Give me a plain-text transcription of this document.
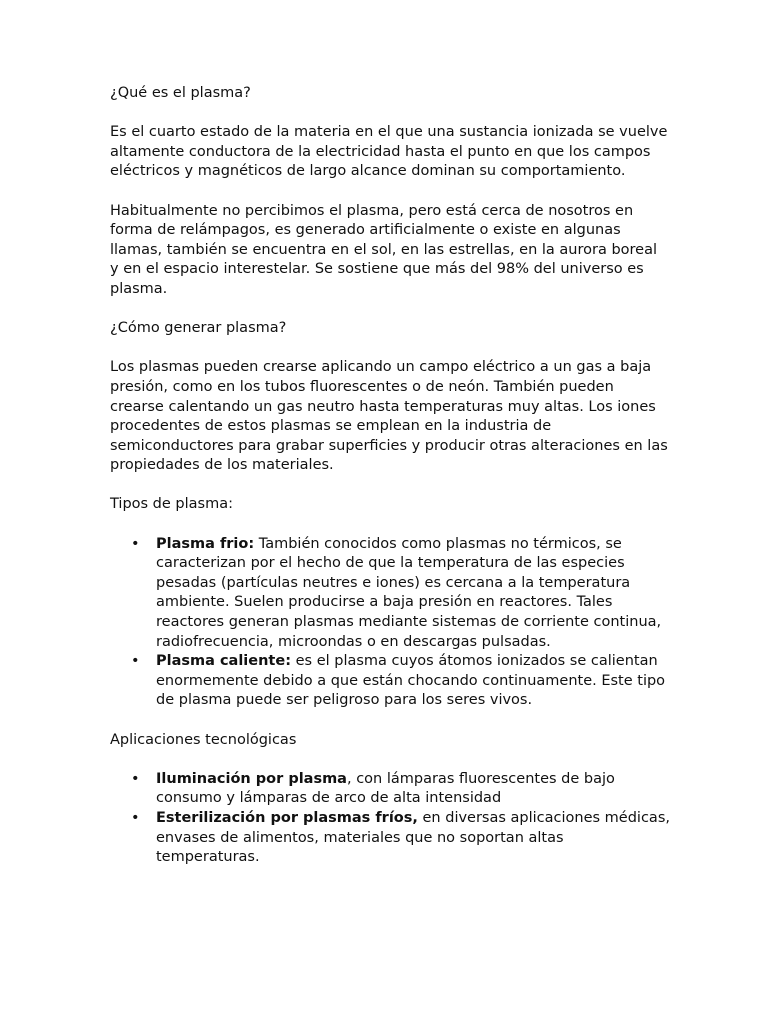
¿Qué es el plasma?

Es el cuarto estado de la materia en el que una sustancia ionizada se vuelve altamente conductora de la electricidad hasta el punto en que los campos eléctricos y magnéticos de largo alcance dominan su comportamiento.

Habitualmente no percibimos el plasma, pero está cerca de nosotros en forma de relámpagos, es generado artificialmente o existe en algunas llamas, también se encuentra en el sol, en las estrellas, en la aurora boreal y en el espacio interestelar. Se sostiene que más del 98% del universo es plasma.

¿Cómo generar plasma?

Los plasmas pueden crearse aplicando un campo eléctrico a un gas a baja presión, como en los tubos fluorescentes o de neón. También pueden crearse calentando un gas neutro hasta temperaturas muy altas. Los iones procedentes de estos plasmas se emplean en la industria de semiconductores para grabar superficies y producir otras alteraciones en las propiedades de los materiales.

Tipos de plasma:

• Plasma frio: También conocidos como plasmas no térmicos, se caracterizan por el hecho de que la temperatura de las especies pesadas (partículas neutres e iones) es cercana a la temperatura ambiente. Suelen producirse a baja presión en reactores. Tales reactores generan plasmas mediante sistemas de corriente continua, radiofrecuencia, microondas o en descargas pulsadas.
• Plasma caliente: es el plasma cuyos átomos ionizados se calientan enormemente debido a que están chocando continuamente. Este tipo de plasma puede ser peligroso para los seres vivos.

Aplicaciones tecnológicas

• Iluminación por plasma, con lámparas fluorescentes de bajo consumo y lámparas de arco de alta intensidad
• Esterilización por plasmas fríos, en diversas aplicaciones médicas, envases de alimentos, materiales que no soportan altas temperaturas.
